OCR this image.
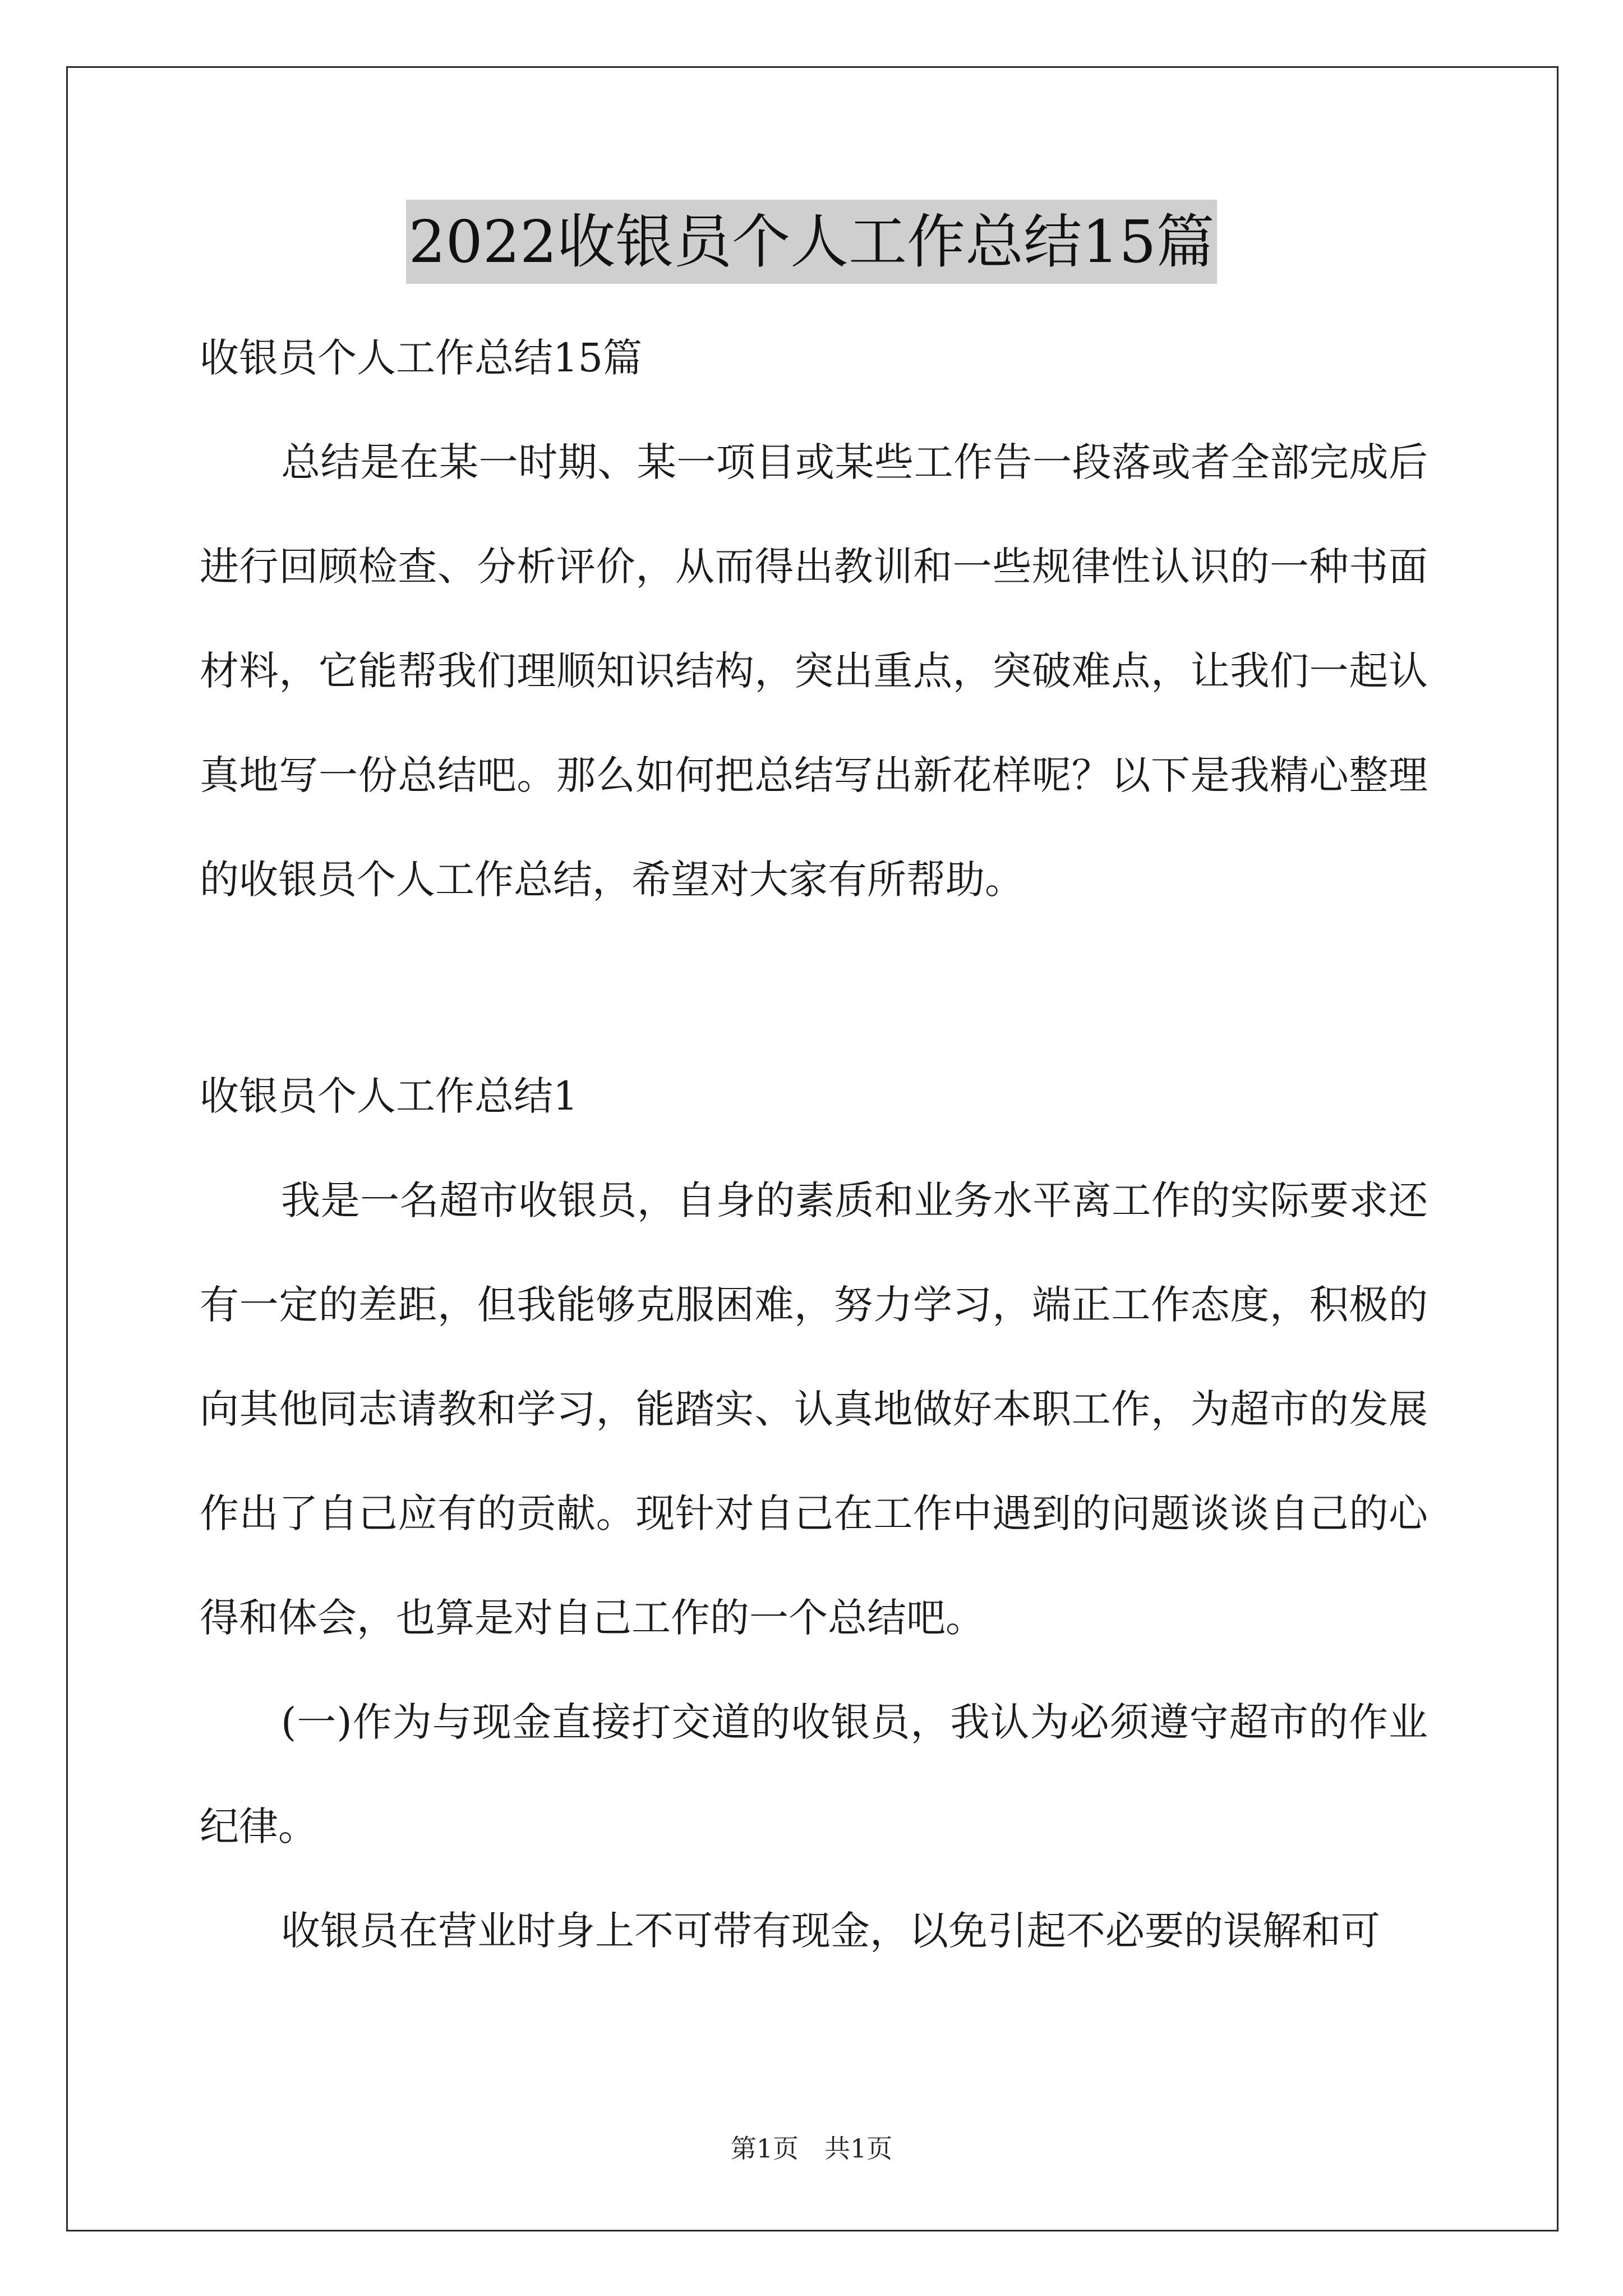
2022收银员个人工作总结15篇

收银员个人工作总结15篇

总结是在某一时期、某一项目或某些工作告一段落或者全部完成后进行回顾检查、分析评价，从而得出教训和一些规律性认识的一种书面材料，它能帮我们理顺知识结构，突出重点，突破难点，让我们一起认真地写一份总结吧。那么如何把总结写出新花样呢？以下是我精心整理的收银员个人工作总结，希望对大家有所帮助。

收银员个人工作总结1

我是一名超市收银员，自身的素质和业务水平离工作的实际要求还有一定的差距，但我能够克服困难，努力学习，端正工作态度，积极的向其他同志请教和学习，能踏实、认真地做好本职工作，为超市的发展作出了自己应有的贡献。现针对自己在工作中遇到的问题谈谈自己的心得和体会，也算是对自己工作的一个总结吧。

(一)作为与现金直接打交道的收银员，我认为必须遵守超市的作业纪律。

收银员在营业时身上不可带有现金，以免引起不必要的误解和可

第1页 共1页
